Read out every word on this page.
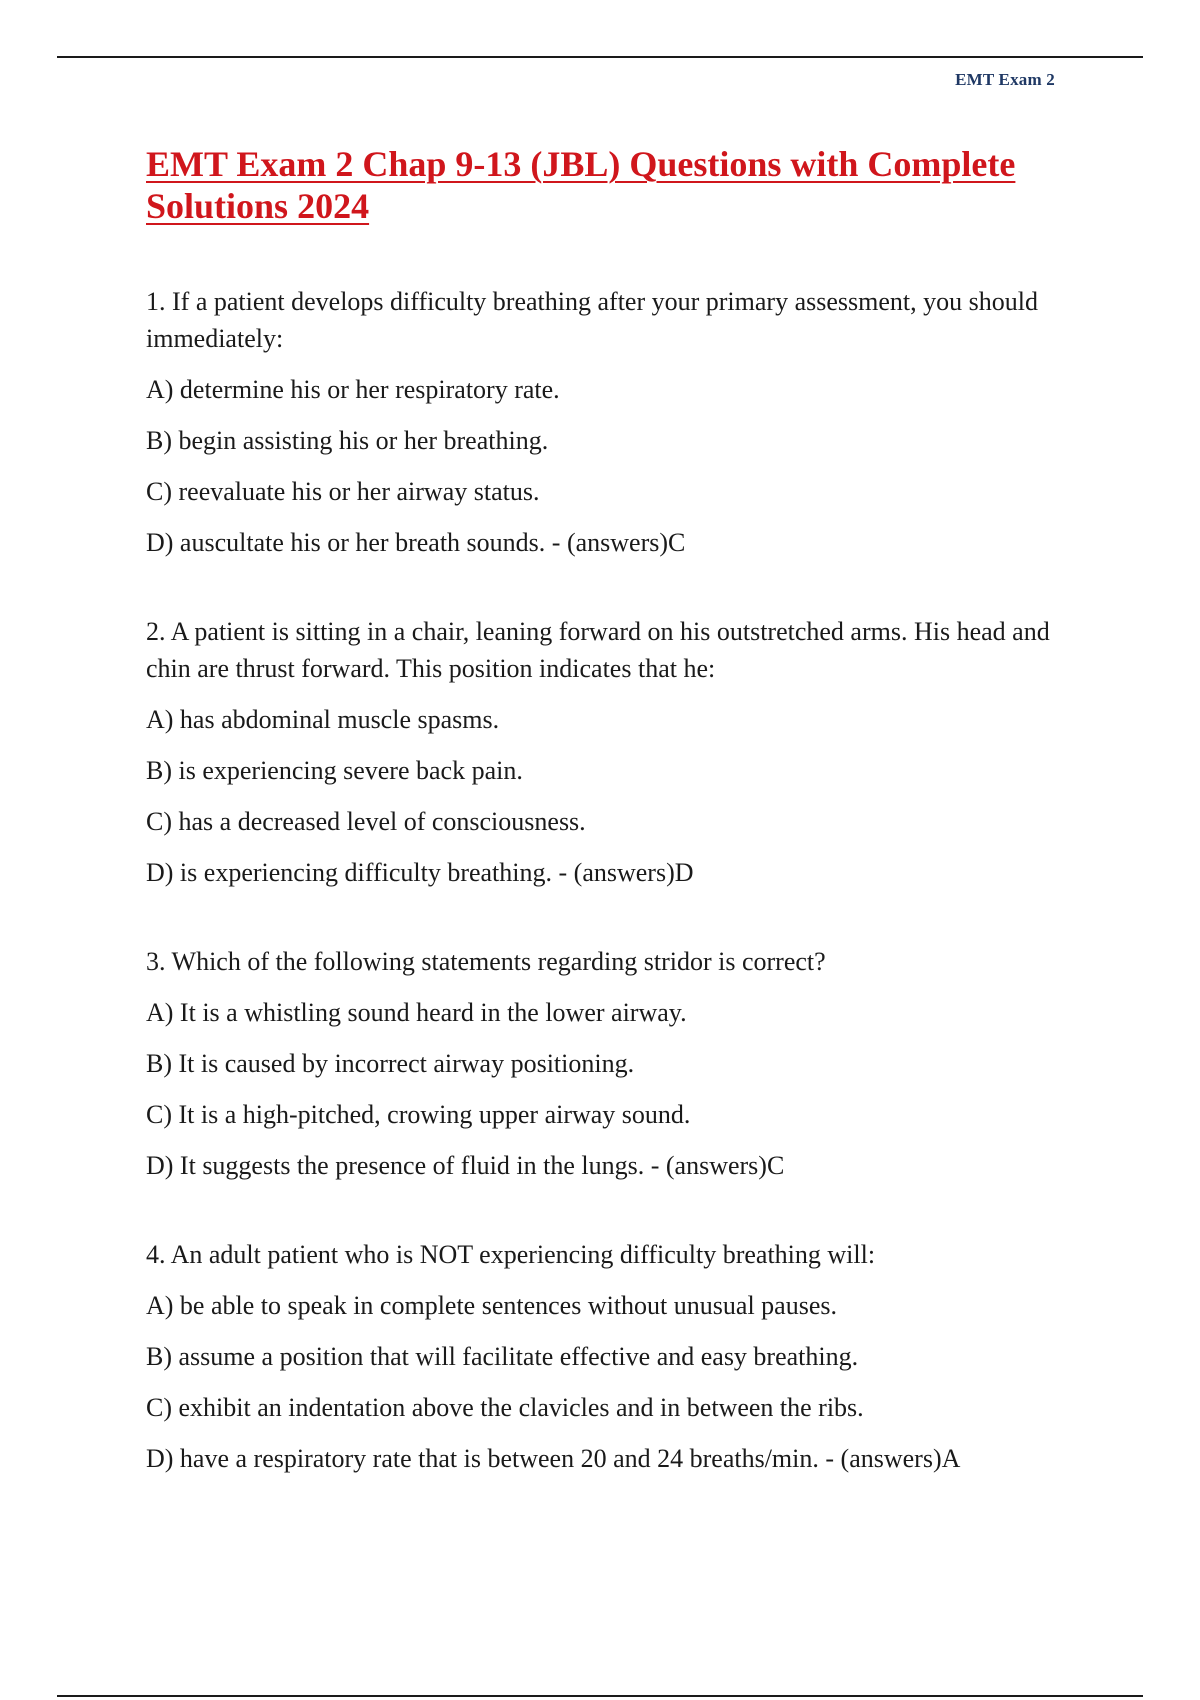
EMT Exam 2
EMT Exam 2 Chap 9-13 (JBL) Questions with Complete Solutions 2024

1. If a patient develops difficulty breathing after your primary assessment, you should immediately:

A) determine his or her respiratory rate.
B) begin assisting his or her breathing.
C) reevaluate his or her airway status.
D) auscultate his or her breath sounds. - (answers)C

2. A patient is sitting in a chair, leaning forward on his outstretched arms. His head and chin are thrust forward. This position indicates that he:

A) has abdominal muscle spasms.
B) is experiencing severe back pain.
C) has a decreased level of consciousness.
D) is experiencing difficulty breathing. - (answers)D

3. Which of the following statements regarding stridor is correct?

A) It is a whistling sound heard in the lower airway.
B) It is caused by incorrect airway positioning.
C) It is a high-pitched, crowing upper airway sound.
D) It suggests the presence of fluid in the lungs. - (answers)C

4. An adult patient who is NOT experiencing difficulty breathing will:

A) be able to speak in complete sentences without unusual pauses.
B) assume a position that will facilitate effective and easy breathing.
C) exhibit an indentation above the clavicles and in between the ribs.
D) have a respiratory rate that is between 20 and 24 breaths/min. - (answers)A
